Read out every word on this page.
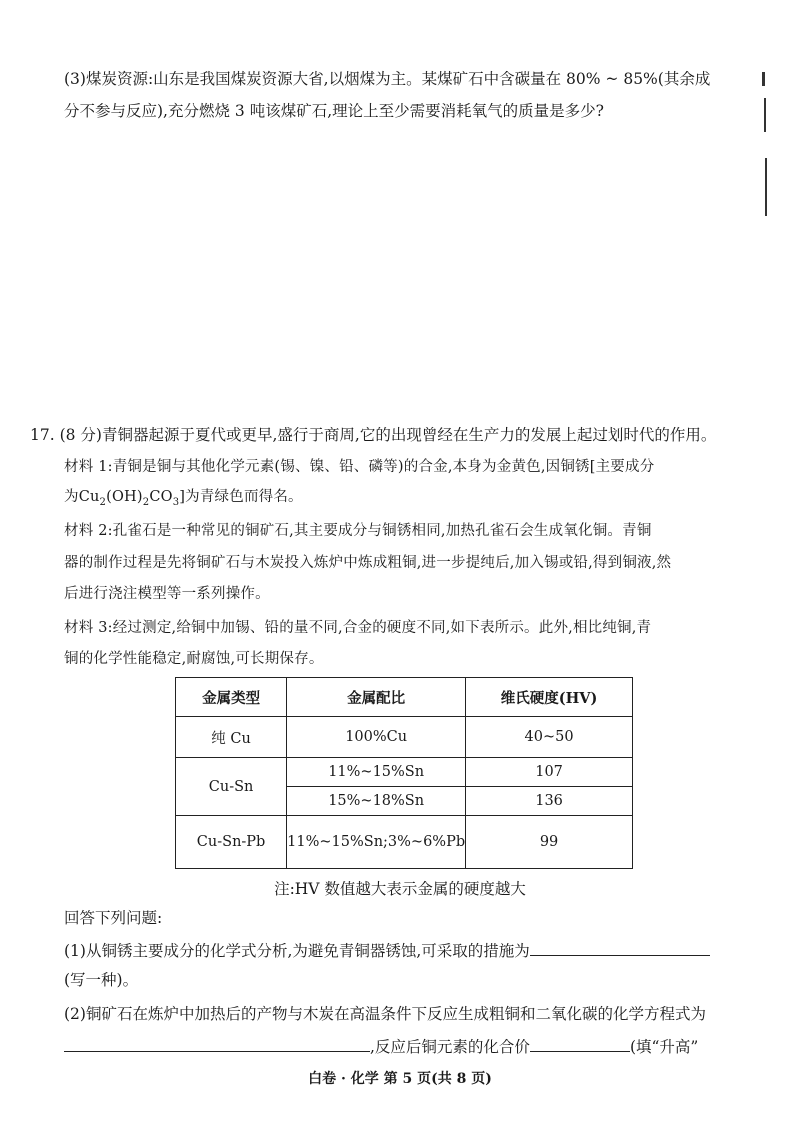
(3)煤炭资源:山东是我国煤炭资源大省,以烟煤为主。某煤矿石中含碳量在 80% ~ 85%(其余成
分不参与反应),充分燃烧 3 吨该煤矿石,理论上至少需要消耗氧气的质量是多少?
17. (8 分)青铜器起源于夏代或更早,盛行于商周,它的出现曾经在生产力的发展上起过划时代的作用。
材料 1:青铜是铜与其他化学元素(锡、镍、铅、磷等)的合金,本身为金黄色,因铜锈[主要成分
为$Cu_2(OH)_2CO_3$]为青绿色而得名。
材料 2:孔雀石是一种常见的铜矿石,其主要成分与铜锈相同,加热孔雀石会生成氧化铜。青铜
器的制作过程是先将铜矿石与木炭投入炼炉中炼成粗铜,进一步提纯后,加入锡或铅,得到铜液,然
后进行浇注模型等一系列操作。
材料 3:经过测定,给铜中加锡、铅的量不同,合金的硬度不同,如下表所示。此外,相比纯铜,青
铜的化学性能稳定,耐腐蚀,可长期保存。
金属类型	金属配比	维氏硬度(HV)
纯 Cu	100%Cu	40~50
Cu-Sn	11%~15%Sn	107
	15%~18%Sn	136
Cu-Sn-Pb	11%~15%Sn;3%~6%Pb	99
注:HV 数值越大表示金属的硬度越大
回答下列问题:
(1)从铜锈主要成分的化学式分析,为避免青铜器锈蚀,可采取的措施为
(写一种)。
(2)铜矿石在炼炉中加热后的产物与木炭在高温条件下反应生成粗铜和二氧化碳的化学方程式为
,反应后铜元素的化合价	(填“升高”
白卷 · 化学 第 5 页(共 8 页)
